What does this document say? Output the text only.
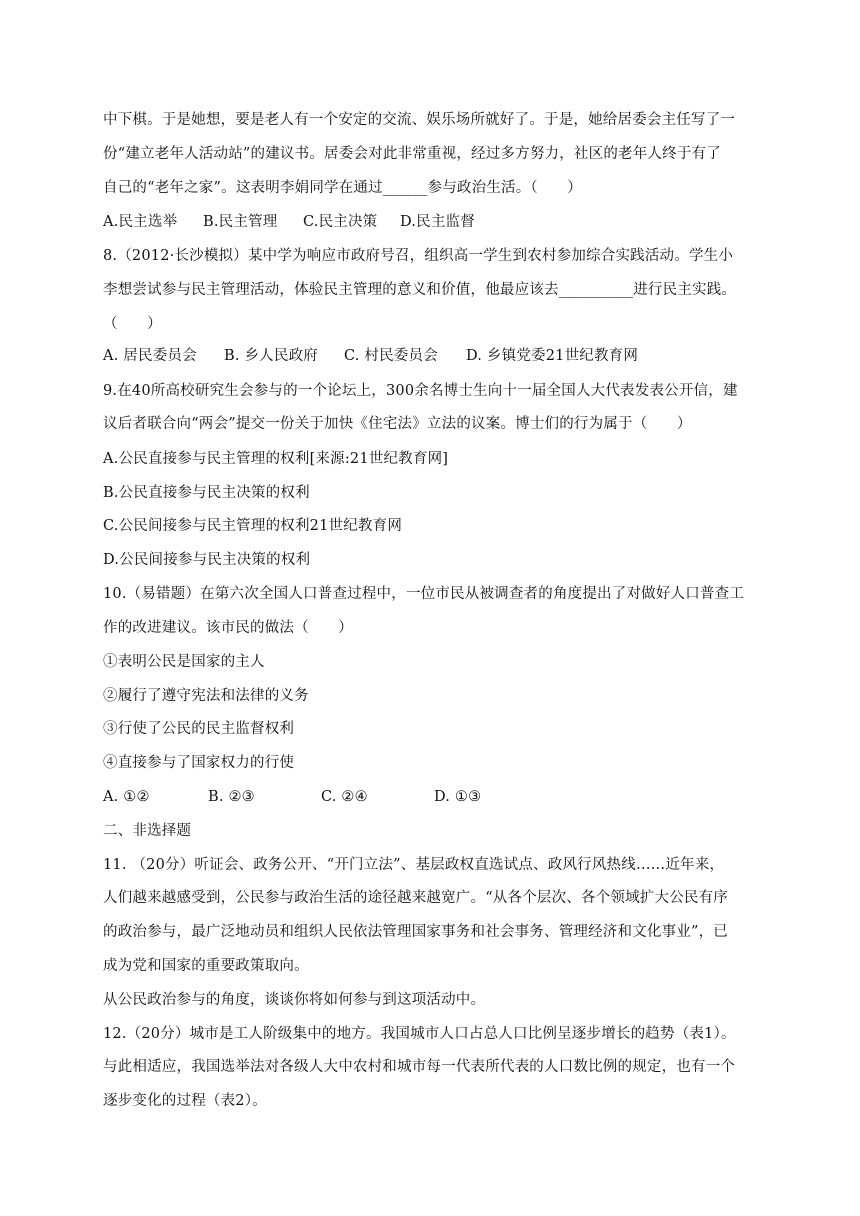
中下棋。于是她想，要是老人有一个安定的交流、娱乐场所就好了。于是，她给居委会主任写了一
份“建立老年人活动站”的建议书。居委会对此非常重视，经过多方努力，社区的老年人终于有了
自己的“老年之家”。这表明李娟同学在通过______参与政治生活。（　　）
A.民主选举 B.民主管理 C.民主决策 D.民主监督
8.（2012·长沙模拟）某中学为响应市政府号召，组织高一学生到农村参加综合实践活动。学生小
李想尝试参与民主管理活动，体验民主管理的意义和价值，他最应该去__________进行民主实践。
（　　）
A. 居民委员会 B. 乡人民政府 C. 村民委员会 D. 乡镇党委21世纪教育网
9.在40所高校研究生会参与的一个论坛上，300余名博士生向十一届全国人大代表发表公开信，建
议后者联合向“两会”提交一份关于加快《住宅法》立法的议案。博士们的行为属于（　　）
A.公民直接参与民主管理的权利[来源:21世纪教育网]
B.公民直接参与民主决策的权利
C.公民间接参与民主管理的权利21世纪教育网
D.公民间接参与民主决策的权利
10.（易错题）在第六次全国人口普查过程中，一位市民从被调查者的角度提出了对做好人口普查工
作的改进建议。该市民的做法（　　）
①表明公民是国家的主人
②履行了遵守宪法和法律的义务
③行使了公民的民主监督权利
④直接参与了国家权力的行使
A. ①②	B. ②③	C. ②④	D. ①③
二、非选择题
11. （20分）听证会、政务公开、“开门立法”、基层政权直选试点、政风行风热线……近年来，
人们越来越感受到，公民参与政治生活的途径越来越宽广。“从各个层次、各个领域扩大公民有序
的政治参与，最广泛地动员和组织人民依法管理国家事务和社会事务、管理经济和文化事业”，已
成为党和国家的重要政策取向。
从公民政治参与的角度，谈谈你将如何参与到这项活动中。
12.（20分）城市是工人阶级集中的地方。我国城市人口占总人口比例呈逐步增长的趋势（表1）。
与此相适应，我国选举法对各级人大中农村和城市每一代表所代表的人口数比例的规定，也有一个
逐步变化的过程（表2）。
